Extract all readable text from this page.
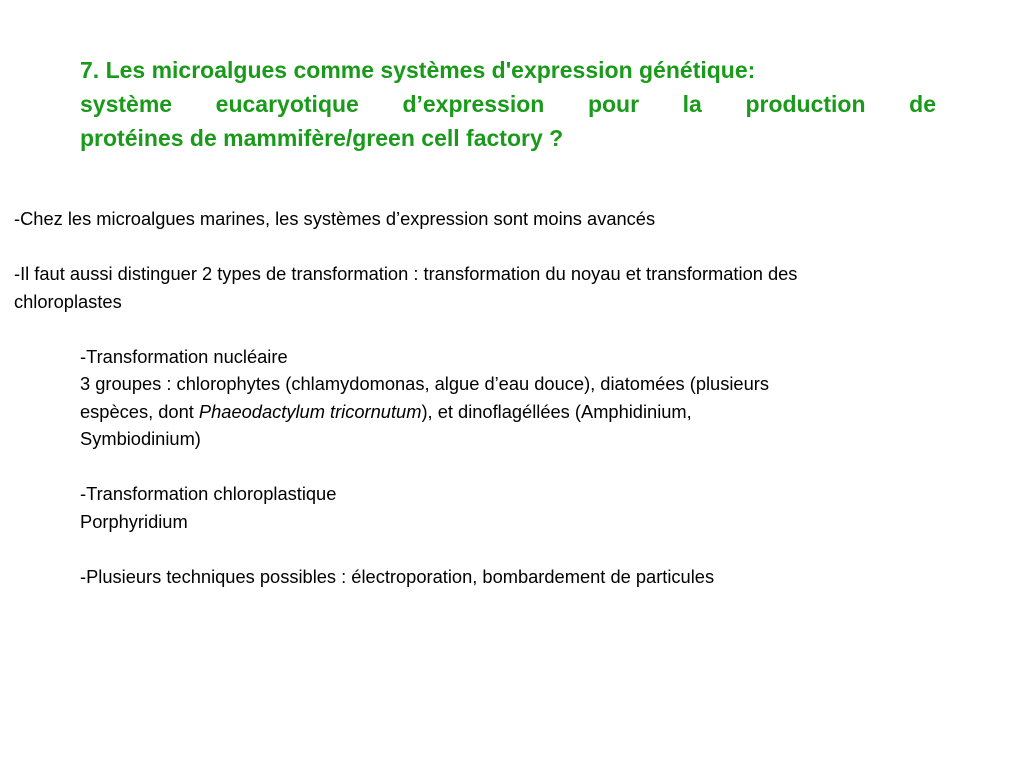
7. Les microalgues comme systèmes d'expression génétique:
système eucaryotique d’expression pour la production de
protéines de mammifère/green cell factory ?
-Chez les microalgues marines, les systèmes d’expression sont moins avancés
-Il faut aussi distinguer 2 types de transformation : transformation du noyau et transformation des
chloroplastes
-Transformation nucléaire
3 groupes : chlorophytes (chlamydomonas, algue d’eau douce), diatomées (plusieurs
espèces, dont Phaeodactylum tricornutum), et dinoflagéllées (Amphidinium,
Symbiodinium)
-Transformation chloroplastique
Porphyridium
-Plusieurs techniques possibles : électroporation, bombardement de particules
